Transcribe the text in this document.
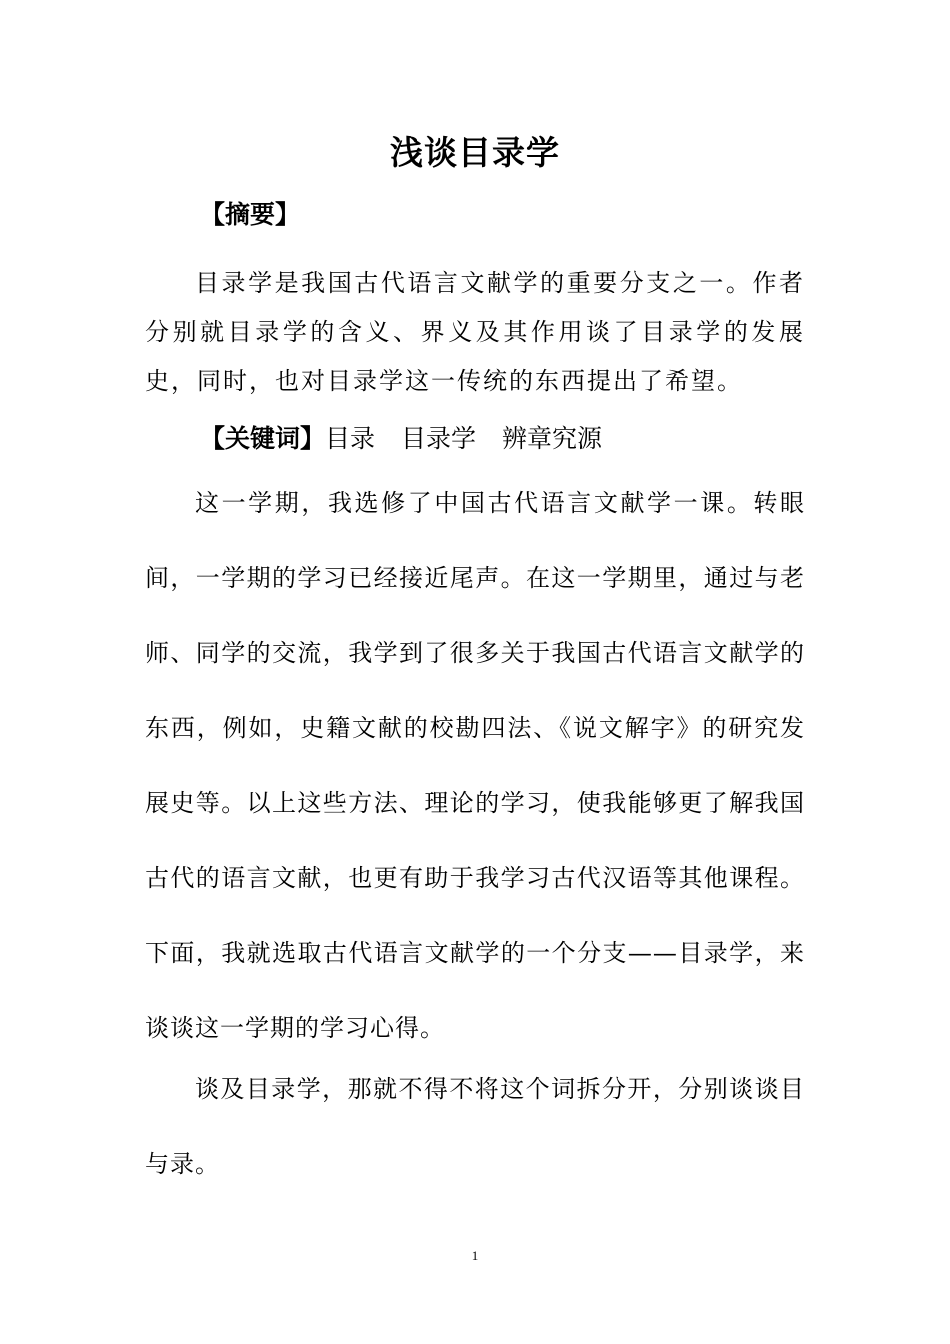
浅谈目录学
【摘要】

目录学是我国古代语言文献学的重要分支之一。作者分别就目录学的含义、界义及其作用谈了目录学的发展史，同时，也对目录学这一传统的东西提出了希望。

【关键词】目录 目录学 辨章究源

这一学期，我选修了中国古代语言文献学一课。转眼间，一学期的学习已经接近尾声。在这一学期里，通过与老师、同学的交流，我学到了很多关于我国古代语言文献学的东西，例如，史籍文献的校勘四法、《说文解字》的研究发展史等。以上这些方法、理论的学习，使我能够更了解我国古代的语言文献，也更有助于我学习古代汉语等其他课程。下面，我就选取古代语言文献学的一个分支——目录学，来谈谈这一学期的学习心得。

谈及目录学，那就不得不将这个词拆分开，分别谈谈目与录。

1
